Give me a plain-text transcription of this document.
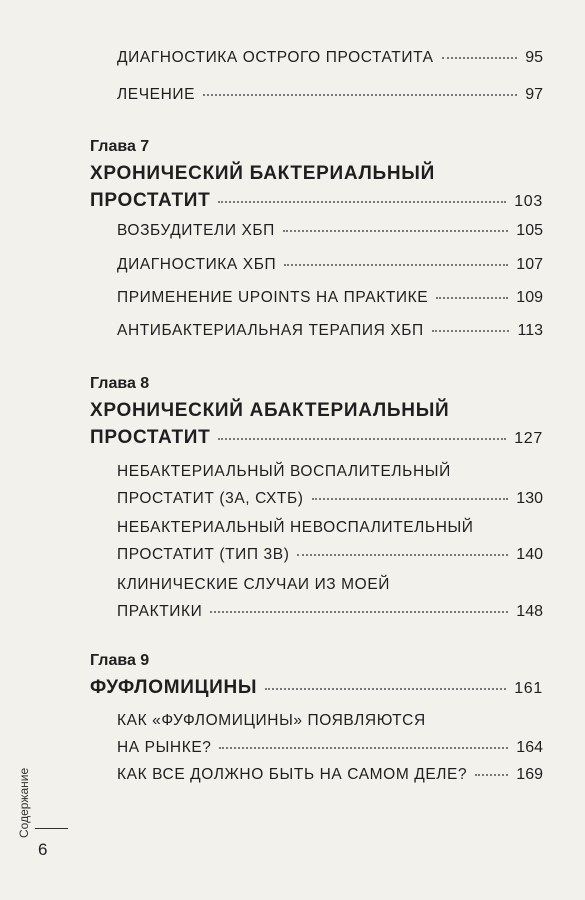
ДИАГНОСТИКА ОСТРОГО ПРОСТАТИТА	95
ЛЕЧЕНИЕ	97
Глава 7
ХРОНИЧЕСКИЙ БАКТЕРИАЛЬНЫЙ
ПРОСТАТИТ	103
ВОЗБУДИТЕЛИ ХБП	105
ДИАГНОСТИКА ХБП	107
ПРИМЕНЕНИЕ UPOINTS НА ПРАКТИКЕ	109
АНТИБАКТЕРИАЛЬНАЯ ТЕРАПИЯ ХБП	113
Глава 8
ХРОНИЧЕСКИЙ АБАКТЕРИАЛЬНЫЙ
ПРОСТАТИТ	127
НЕБАКТЕРИАЛЬНЫЙ ВОСПАЛИТЕЛЬНЫЙ
ПРОСТАТИТ (3А, СХТБ)	130
НЕБАКТЕРИАЛЬНЫЙ НЕВОСПАЛИТЕЛЬНЫЙ
ПРОСТАТИТ (ТИП 3В)	140
КЛИНИЧЕСКИЕ СЛУЧАИ ИЗ МОЕЙ
ПРАКТИКИ	148
Глава 9
ФУФЛОМИЦИНЫ	161
КАК «ФУФЛОМИЦИНЫ» ПОЯВЛЯЮТСЯ
НА РЫНКЕ?	164
КАК ВСЕ ДОЛЖНО БЫТЬ НА САМОМ ДЕЛЕ?	169
Содержание
6
